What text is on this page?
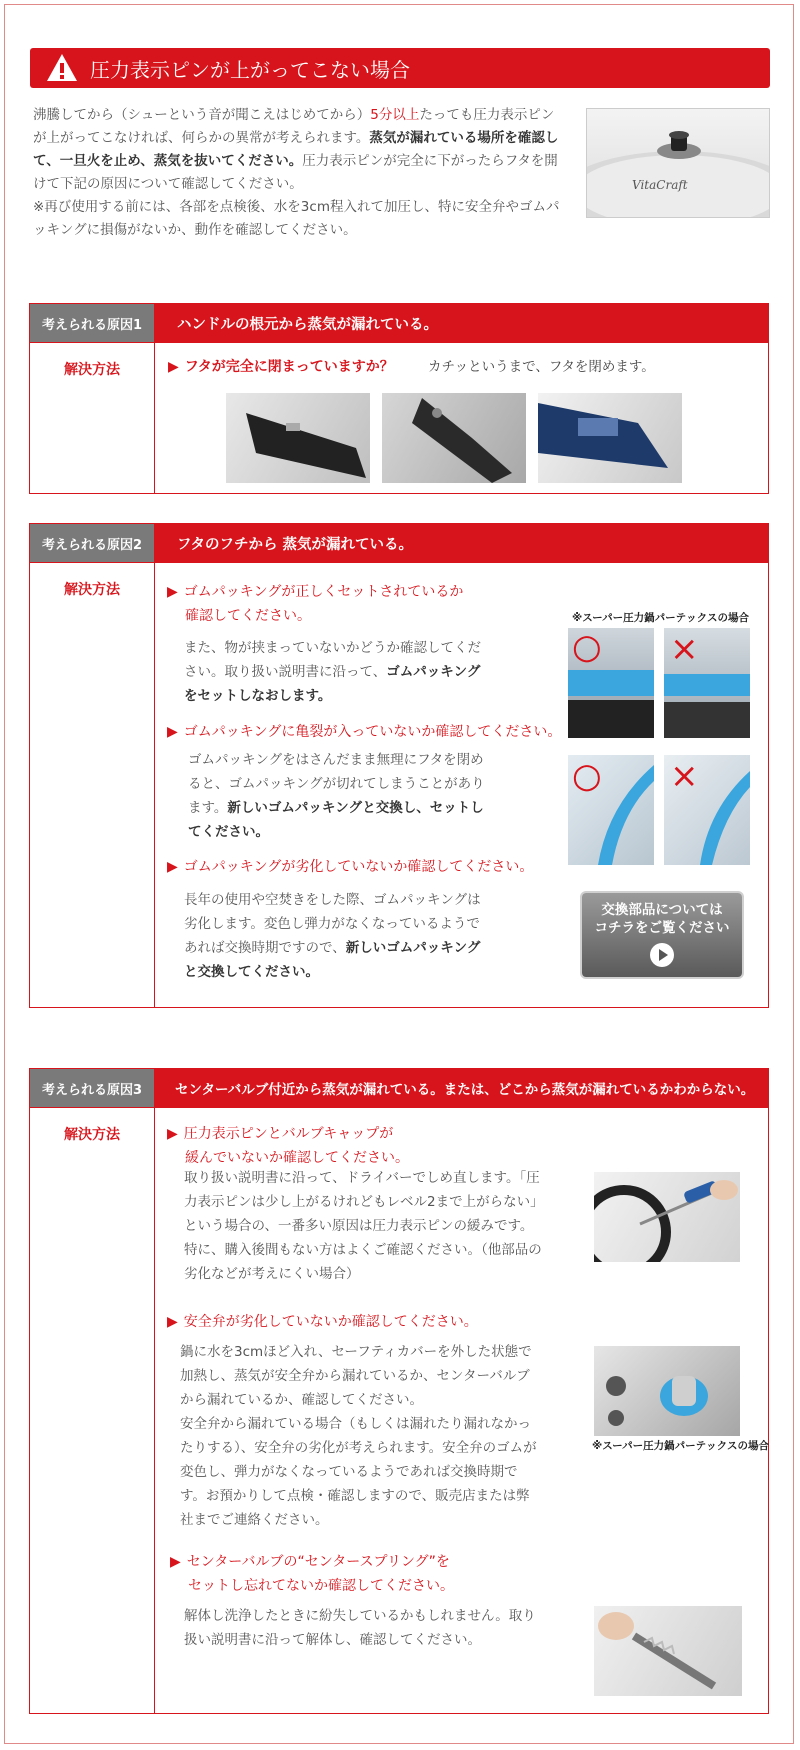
圧力表示ピンが上がってこない場合
沸騰してから（シューという音が聞こえはじめてから）5分以上たっても圧力表示ピンが上がってこなければ、何らかの異常が考えられます。蒸気が漏れている場所を確認して、一旦火を止め、蒸気を抜いてください。圧力表示ピンが完全に下がったらフタを開けて下記の原因について確認してください。
※再び使用する前には、各部を点検後、水を3cm程入れて加圧し、特に安全弁やゴムパッキングに損傷がないか、動作を確認してください。
VitaCraft
考えられる原因1	ハンドルの根元から蒸気が漏れている。
解決方法	▶ フタが完全に閉まっていますか？	カチッというまで、フタを閉めます。
考えられる原因2	フタのフチから 蒸気が漏れている。
解決方法	▶ ゴムパッキングが正しくセットされているか
確認してください。
また、物が挟まっていないかどうか確認してください。取り扱い説明書に沿って、ゴムパッキングをセットしなおします。
▶ ゴムパッキングに亀裂が入っていないか確認してください。
ゴムパッキングをはさんだまま無理にフタを閉めると、ゴムパッキングが切れてしまうことがあります。新しいゴムパッキングと交換し、セットしてください。
▶ ゴムパッキングが劣化していないか確認してください。
長年の使用や空焚きをした際、ゴムパッキングは劣化します。変色し弾力がなくなっているようであれば交換時期ですので、新しいゴムパッキングと交換してください。
※スーパー圧力鍋パーテックスの場合
○ ×
○ ×
交換部品については
コチラをご覧ください
考えられる原因3	センターバルブ付近から蒸気が漏れている。または、どこから蒸気が漏れているかわからない。
解決方法	▶ 圧力表示ピンとバルブキャップが
緩んでいないか確認してください。
取り扱い説明書に沿って、ドライバーでしめ直します。「圧力表示ピンは少し上がるけれどもレベル2まで上がらない」という場合の、一番多い原因は圧力表示ピンの緩みです。特に、購入後間もない方はよくご確認ください。（他部品の劣化などが考えにくい場合）
▶ 安全弁が劣化していないか確認してください。
鍋に水を3cmほど入れ、セーフティカバーを外した状態で加熱し、蒸気が安全弁から漏れているか、センターバルブから漏れているか、確認してください。
安全弁から漏れている場合（もしくは漏れたり漏れなかったりする）、安全弁の劣化が考えられます。安全弁のゴムが変色し、弾力がなくなっているようであれば交換時期です。お預かりして点検・確認しますので、販売店または弊社までご連絡ください。
※スーパー圧力鍋パーテックスの場合
▶ センターバルブの“センタースプリング”を
セットし忘れてないか確認してください。
解体し洗浄したときに紛失しているかもしれません。取り扱い説明書に沿って解体し、確認してください。
